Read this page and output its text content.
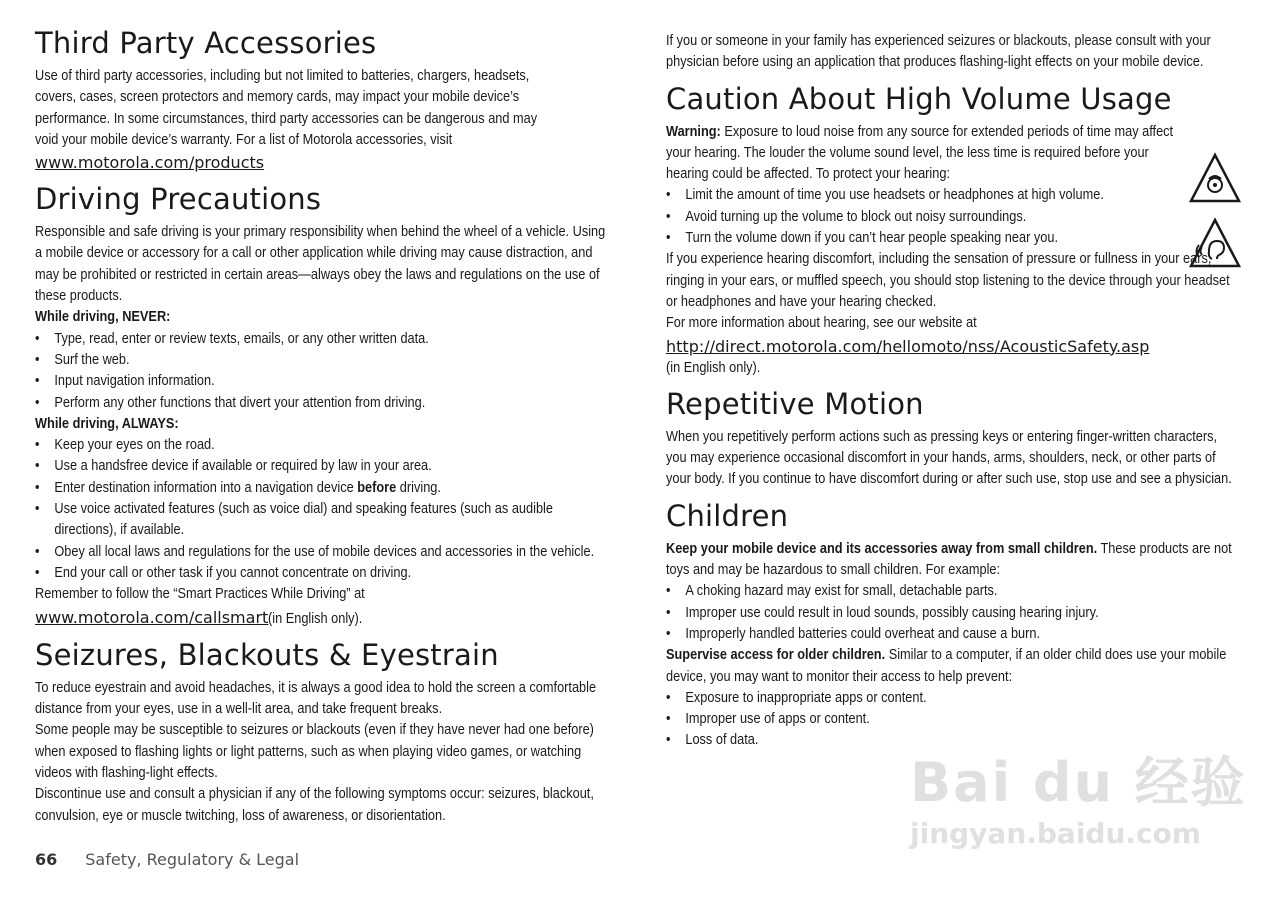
Third Party Accessories

Use of third party accessories, including but not limited to batteries, chargers, headsets, covers, cases, screen protectors and memory cards, may impact your mobile device’s performance. In some circumstances, third party accessories can be dangerous and may void your mobile device’s warranty. For a list of Motorola accessories, visit

www.motorola.com/products
Driving Precautions

Responsible and safe driving is your primary responsibility when behind the wheel of a vehicle. Using a mobile device or accessory for a call or other application while driving may cause distraction, and may be prohibited or restricted in certain areas—always obey the laws and regulations on the use of these products.

While driving, NEVER:

• Type, read, enter or review texts, emails, or any other written data.
• Surf the web.
• Input navigation information.
• Perform any other functions that divert your attention from driving.

While driving, ALWAYS:

• Keep your eyes on the road.
• Use a handsfree device if available or required by law in your area.
• Enter destination information into a navigation device before driving.
• Use voice activated features (such as voice dial) and speaking features (such as audible directions), if available.
• Obey all local laws and regulations for the use of mobile devices and accessories in the vehicle.
• End your call or other task if you cannot concentrate on driving.

Remember to follow the “Smart Practices While Driving” at

www.motorola.com/callsmart(in English only).
Seizures, Blackouts & Eyestrain

To reduce eyestrain and avoid headaches, it is always a good idea to hold the screen a comfortable distance from your eyes, use in a well-lit area, and take frequent breaks.

Some people may be susceptible to seizures or blackouts (even if they have never had one before) when exposed to flashing lights or light patterns, such as when playing video games, or watching videos with flashing-light effects.

Discontinue use and consult a physician if any of the following symptoms occur: seizures, blackout, convulsion, eye or muscle twitching, loss of awareness, or disorientation.

If you or someone in your family has experienced seizures or blackouts, please consult with your physician before using an application that produces flashing-light effects on your mobile device.

Caution About High Volume Usage

Warning: Exposure to loud noise from any source for extended periods of time may affect your hearing. The louder the volume sound level, the less time is required before your hearing could be affected. To protect your hearing:

• Limit the amount of time you use headsets or headphones at high volume.
• Avoid turning up the volume to block out noisy surroundings.
• Turn the volume down if you can’t hear people speaking near you.

If you experience hearing discomfort, including the sensation of pressure or fullness in your ears, ringing in your ears, or muffled speech, you should stop listening to the device through your headset or headphones and have your hearing checked.

For more information about hearing, see our website at

http://direct.motorola.com/hellomoto/nss/AcousticSafety.asp

(in English only).

Repetitive Motion

When you repetitively perform actions such as pressing keys or entering finger-written characters, you may experience occasional discomfort in your hands, arms, shoulders, neck, or other parts of your body. If you continue to have discomfort during or after such use, stop use and see a physician.

Children

Keep your mobile device and its accessories away from small children. These products are not toys and may be hazardous to small children. For example:

• A choking hazard may exist for small, detachable parts.
• Improper use could result in loud sounds, possibly causing hearing injury.
• Improperly handled batteries could overheat and cause a burn.

Supervise access for older children. Similar to a computer, if an older child does use your mobile device, you may want to monitor their access to help prevent:

• Exposure to inappropriate apps or content.
• Improper use of apps or content.
• Loss of data.
Bai du 经验
jingyan.baidu.com
66 Safety, Regulatory & Legal
